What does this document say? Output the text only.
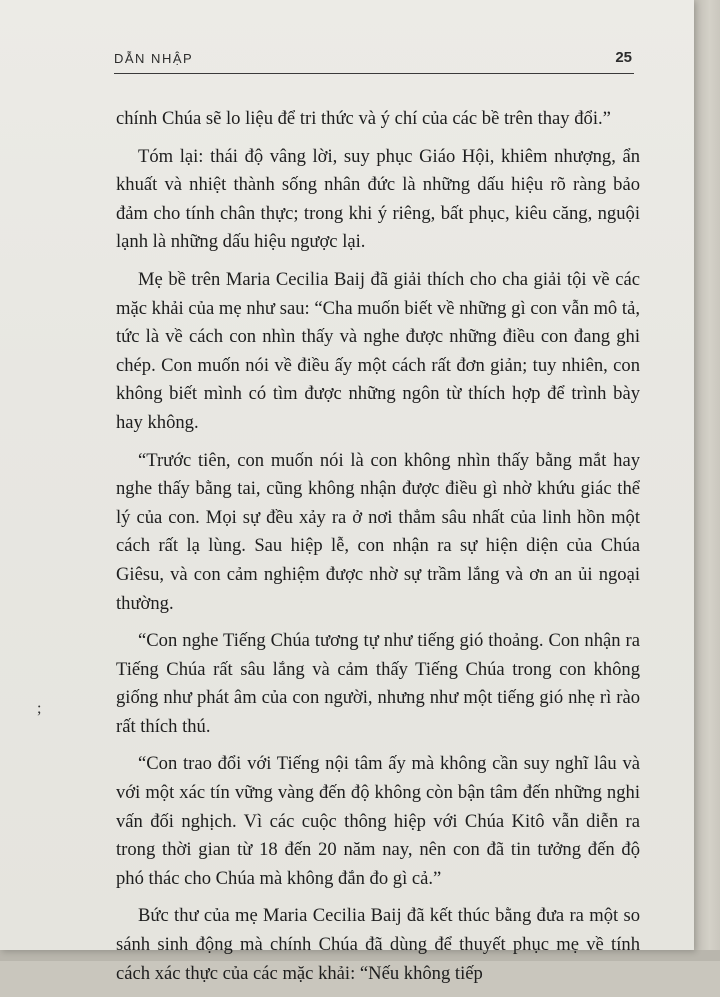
DẪN NHẬP	25
;

chính Chúa sẽ lo liệu để tri thức và ý chí của các bề trên thay đổi.”

Tóm lại: thái độ vâng lời, suy phục Giáo Hội, khiêm nhượng, ẩn khuất và nhiệt thành sống nhân đức là những dấu hiệu rõ ràng bảo đảm cho tính chân thực; trong khi ý riêng, bất phục, kiêu căng, nguội lạnh là những dấu hiệu ngược lại.

Mẹ bề trên Maria Cecilia Baij đã giải thích cho cha giải tội về các mặc khải của mẹ như sau: “Cha muốn biết về những gì con vẫn mô tả, tức là về cách con nhìn thấy và nghe được những điều con đang ghi chép. Con muốn nói về điều ấy một cách rất đơn giản; tuy nhiên, con không biết mình có tìm được những ngôn từ thích hợp để trình bày hay không.

“Trước tiên, con muốn nói là con không nhìn thấy bằng mắt hay nghe thấy bằng tai, cũng không nhận được điều gì nhờ khứu giác thể lý của con. Mọi sự đều xảy ra ở nơi thẳm sâu nhất của linh hồn một cách rất lạ lùng. Sau hiệp lễ, con nhận ra sự hiện diện của Chúa Giêsu, và con cảm nghiệm được nhờ sự trầm lắng và ơn an ủi ngoại thường.

“Con nghe Tiếng Chúa tương tự như tiếng gió thoảng. Con nhận ra Tiếng Chúa rất sâu lắng và cảm thấy Tiếng Chúa trong con không giống như phát âm của con người, nhưng như một tiếng gió nhẹ rì rào rất thích thú.

“Con trao đổi với Tiếng nội tâm ấy mà không cần suy nghĩ lâu và với một xác tín vững vàng đến độ không còn bận tâm đến những nghi vấn đối nghịch. Vì các cuộc thông hiệp với Chúa Kitô vẫn diễn ra trong thời gian từ 18 đến 20 năm nay, nên con đã tin tưởng đến độ phó thác cho Chúa mà không đắn đo gì cả.”

Bức thư của mẹ Maria Cecilia Baij đã kết thúc bằng đưa ra một so sánh sinh động mà chính Chúa đã dùng để thuyết phục mẹ về tính cách xác thực của các mặc khải: “Nếu không tiếp
